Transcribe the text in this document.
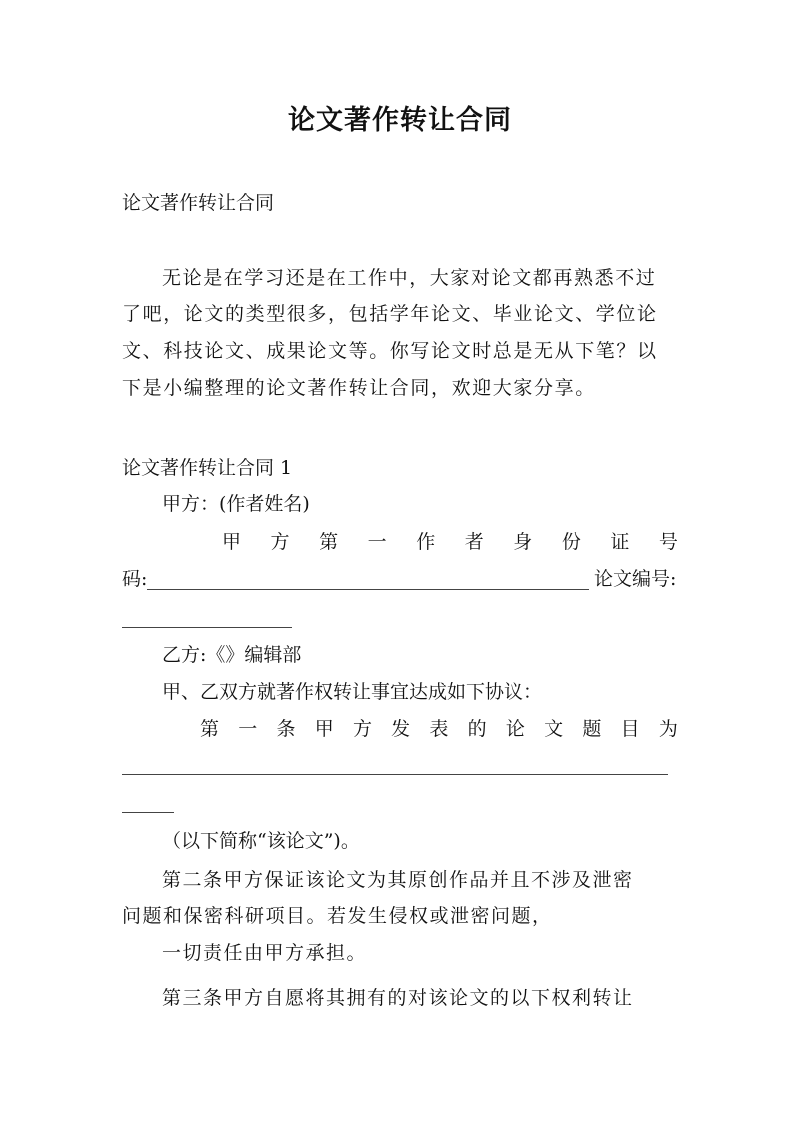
论文著作转让合同
论文著作转让合同
无论是在学习还是在工作中，大家对论文都再熟悉不过
了吧，论文的类型很多，包括学年论文、毕业论文、学位论
文、科技论文、成果论文等。你写论文时总是无从下笔？以
下是小编整理的论文著作转让合同，欢迎大家分享。
论文著作转让合同 1
甲方：(作者姓名)
甲 方 第 一 作 者 身 份 证 号
码:	论文编号:
乙方:《》编辑部
甲、乙双方就著作权转让事宜达成如下协议：
第 一 条 甲 方 发 表 的 论 文 题 目 为
（以下简称“该论文”)。
第二条甲方保证该论文为其原创作品并且不涉及泄密
问题和保密科研项目。若发生侵权或泄密问题，
一切责任由甲方承担。
第三条甲方自愿将其拥有的对该论文的以下权利转让
